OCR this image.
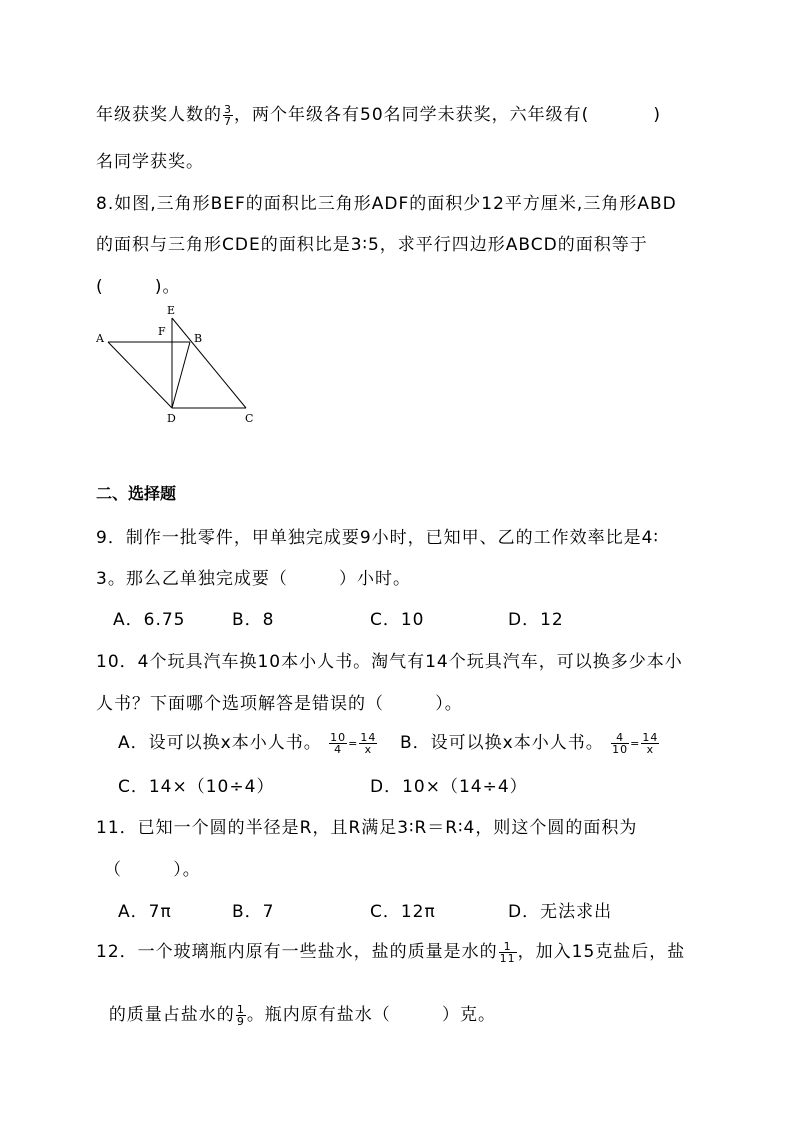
年级获奖人数的 $\frac{3}{7}$ ，两个年级各有50名同学未获奖，六年级有(	)
名同学获奖。
8.如图,三角形BEF的面积比三角形ADF的面积少12平方厘米,三角形ABD
的面积与三角形CDE的面积比是3∶5，求平行四边形ABCD的面积等于
(        )。
A	B
C
D
E
F
二、选择题
9．制作一批零件，甲单独完成要9小时，已知甲、乙的工作效率比是4∶
3。那么乙单独完成要（        ）小时。
A．6.75	B．8	C．10	D．12
10．4个玩具汽车换10本小人书。淘气有14个玩具汽车，可以换多少本小
人书？下面哪个选项解答是错误的（        ）。
A．设可以换x本小人书。 $\frac{10}{4} = \frac{14}{x}$ B．设可以换x本小人书。 $\frac{4}{10} = \frac{14}{x}$
C．14×（10÷4）	D．10×（14÷4）
11．已知一个圆的半径是R，且R满足3∶R＝R∶4，则这个圆的面积为
（        ）。
A．7π	B．7	C．12π	D．无法求出
12．一个玻璃瓶内原有一些盐水，盐的质量是水的 $\frac{1}{11}$ ，加入15克盐后，盐

的质量占盐水的 $\frac{1}{9}$ 。瓶内原有盐水（        ）克。
